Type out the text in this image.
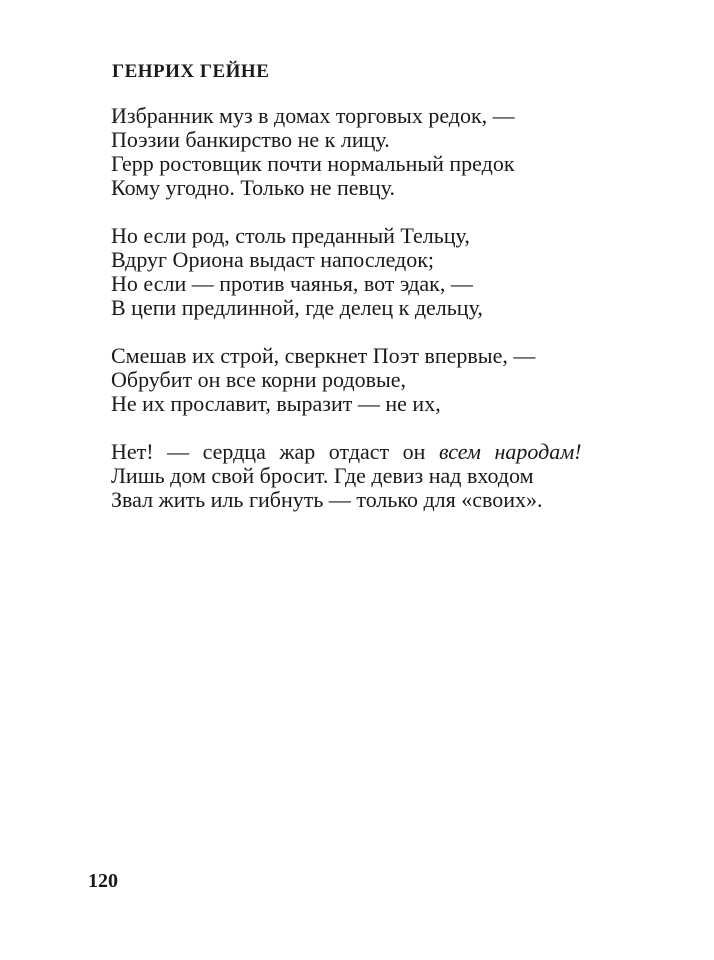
ГЕНРИХ ГЕЙНЕ
Избранник муз в домах торговых редок, —
Поэзии банкирство не к лицу.
Герр ростовщик почти нормальный предок
Кому угодно. Только не певцу.
Но если род, столь преданный Тельцу,
Вдруг Ориона выдаст напоследок;
Но если — против чаянья, вот эдак, —
В цепи предлинной, где делец к дельцу,
Смешав их строй, сверкнет Поэт впервые, —
Обрубит он все корни родовые,
Не их прославит, выразит — не их,
Нет! — сердца жар отдаст он всем народам!
Лишь дом свой бросит. Где девиз над входом
Звал жить иль гибнуть — только для «своих».

120
